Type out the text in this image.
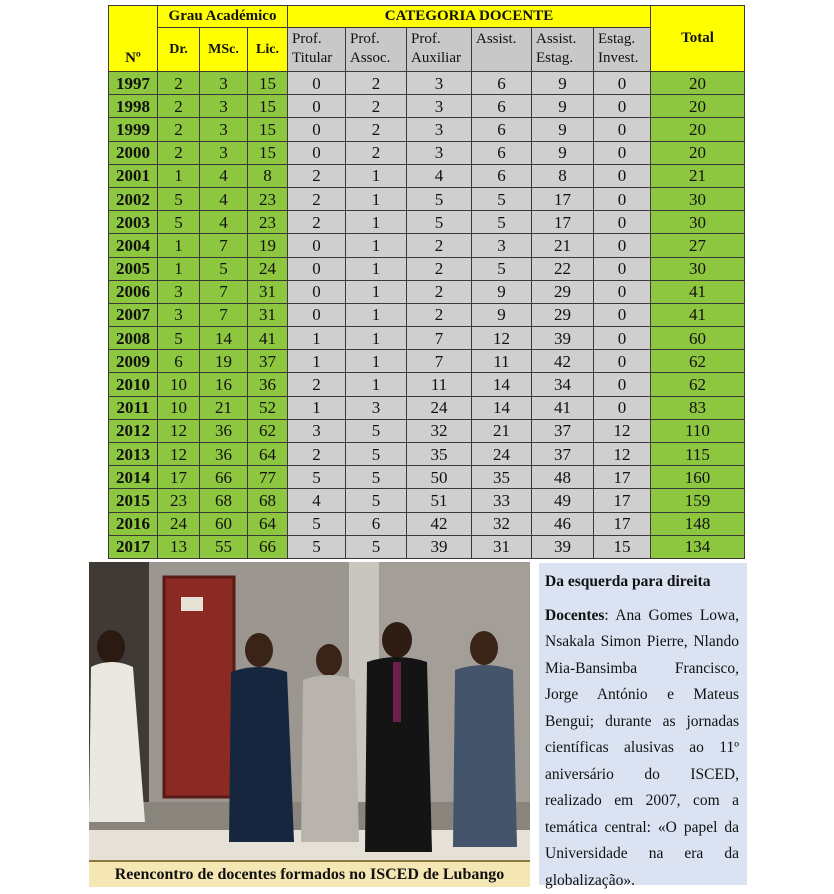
Nº	Grau Académico			CATEGORIA DOCENTE						Total
	Dr.	MSc.	Lic.	Prof. Titular	Prof. Assoc.	Prof. Auxiliar	Assist.	Assist. Estag.	Estag. Invest.	

1997	2	3	15	0	2	3	6	9	0	20
1998	2	3	15	0	2	3	6	9	0	20
1999	2	3	15	0	2	3	6	9	0	20
2000	2	3	15	0	2	3	6	9	0	20
2001	1	4	8	2	1	4	6	8	0	21
2002	5	4	23	2	1	5	5	17	0	30
2003	5	4	23	2	1	5	5	17	0	30
2004	1	7	19	0	1	2	3	21	0	27
2005	1	5	24	0	1	2	5	22	0	30
2006	3	7	31	0	1	2	9	29	0	41
2007	3	7	31	0	1	2	9	29	0	41
2008	5	14	41	1	1	7	12	39	0	60
2009	6	19	37	1	1	7	11	42	0	62
2010	10	16	36	2	1	11	14	34	0	62
2011	10	21	52	1	3	24	14	41	0	83
2012	12	36	62	3	5	32	21	37	12	110
2013	12	36	64	2	5	35	24	37	12	115
2014	17	66	77	5	5	50	35	48	17	160
2015	23	68	68	4	5	51	33	49	17	159
2016	24	60	64	5	6	42	32	46	17	148
2017	13	55	66	5	5	39	31	39	15	134
Reencontro de docentes formados no ISCED de Lubango
Da esquerda para direita
Docentes: Ana Gomes Lowa, Nsakala Simon Pierre, Nlando Mia-Bansimba Francisco, Jorge António e Mateus Bengui; durante as jornadas científicas alusivas ao 11º aniversário do ISCED, realizado em 2007, com a temática central: «O papel da Universidade na era da globalização».
